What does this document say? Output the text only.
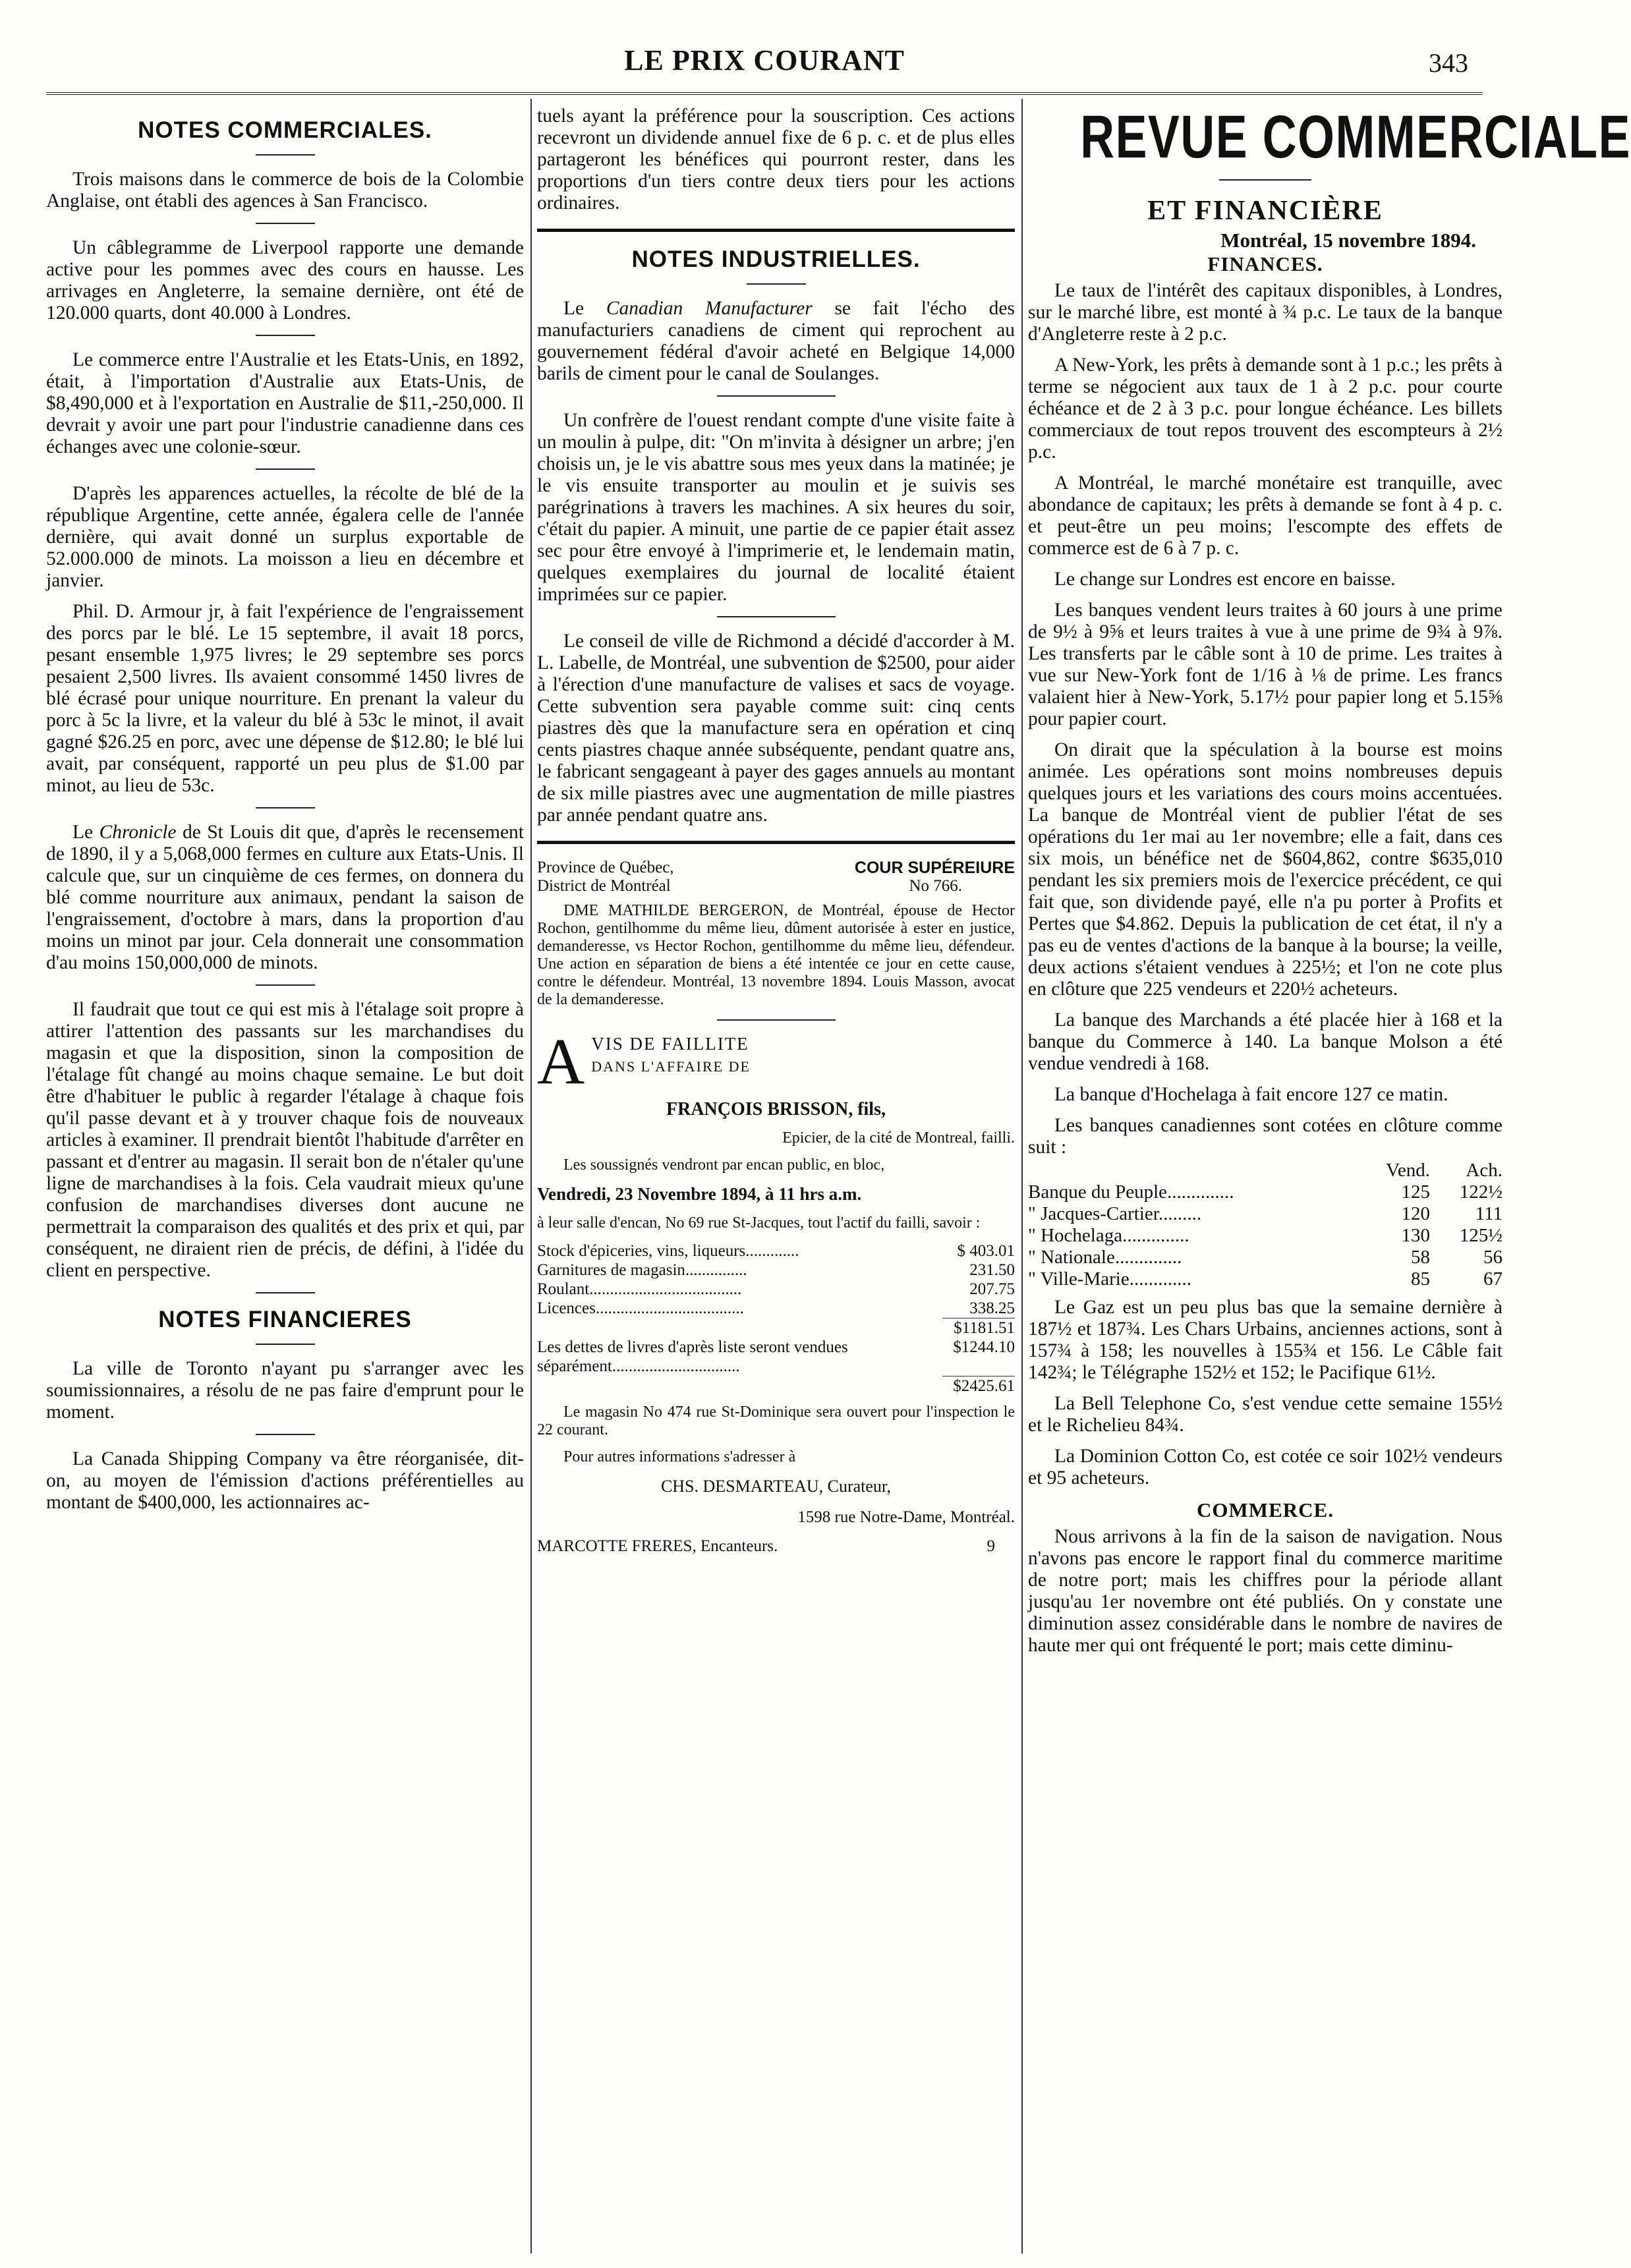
LE PRIX COURANT	343
NOTES COMMERCIALES.

Trois maisons dans le commerce de bois de la Colombie Anglaise, ont établi des agences à San Francisco.

Un câblegramme de Liverpool rapporte une demande active pour les pommes avec des cours en hausse. Les arrivages en Angleterre, la semaine dernière, ont été de 120.000 quarts, dont 40.000 à Londres.

Le commerce entre l'Australie et les Etats-Unis, en 1892, était, à l'importation d'Australie aux Etats-Unis, de $8,490,000 et à l'exportation en Australie de $11,-250,000. Il devrait y avoir une part pour l'industrie canadienne dans ces échanges avec une colonie-sœur.

D'après les apparences actuelles, la récolte de blé de la république Argentine, cette année, égalera celle de l'année dernière, qui avait donné un surplus exportable de 52.000.000 de minots. La moisson a lieu en décembre et janvier.

Phil. D. Armour jr, à fait l'expérience de l'engraissement des porcs par le blé. Le 15 septembre, il avait 18 porcs, pesant ensemble 1,975 livres; le 29 septembre ses porcs pesaient 2,500 livres. Ils avaient consommé 1450 livres de blé écrasé pour unique nourriture. En prenant la valeur du porc à 5c la livre, et la valeur du blé à 53c le minot, il avait gagné $26.25 en porc, avec une dépense de $12.80; le blé lui avait, par conséquent, rapporté un peu plus de $1.00 par minot, au lieu de 53c.

Le Chronicle de St Louis dit que, d'après le recensement de 1890, il y a 5,068,000 fermes en culture aux Etats-Unis. Il calcule que, sur un cinquième de ces fermes, on donnera du blé comme nourriture aux animaux, pendant la saison de l'engraissement, d'octobre à mars, dans la proportion d'au moins un minot par jour. Cela donnerait une consommation d'au moins 150,000,000 de minots.

Il faudrait que tout ce qui est mis à l'étalage soit propre à attirer l'attention des passants sur les marchandises du magasin et que la disposition, sinon la composition de l'étalage fût changé au moins chaque semaine. Le but doit être d'habituer le public à regarder l'étalage à chaque fois qu'il passe devant et à y trouver chaque fois de nouveaux articles à examiner. Il prendrait bientôt l'habitude d'arrêter en passant et d'entrer au magasin. Il serait bon de n'étaler qu'une ligne de marchandises à la fois. Cela vaudrait mieux qu'une confusion de marchandises diverses dont aucune ne permettrait la comparaison des qualités et des prix et qui, par conséquent, ne diraient rien de précis, de défini, à l'idée du client en perspective.

NOTES FINANCIERES

La ville de Toronto n'ayant pu s'arranger avec les soumissionnaires, a résolu de ne pas faire d'emprunt pour le moment.

La Canada Shipping Company va être réorganisée, dit-on, au moyen de l'émission d'actions préférentielles au montant de $400,000, les actionnaires ac-

tuels ayant la préférence pour la souscription. Ces actions recevront un dividende annuel fixe de 6 p. c. et de plus elles partageront les bénéfices qui pourront rester, dans les proportions d'un tiers contre deux tiers pour les actions ordinaires.

NOTES INDUSTRIELLES.

Le Canadian Manufacturer se fait l'écho des manufacturiers canadiens de ciment qui reprochent au gouvernement fédéral d'avoir acheté en Belgique 14,000 barils de ciment pour le canal de Soulanges.

Un confrère de l'ouest rendant compte d'une visite faite à un moulin à pulpe, dit: "On m'invita à désigner un arbre; j'en choisis un, je le vis abattre sous mes yeux dans la matinée; je le vis ensuite transporter au moulin et je suivis ses parégrinations à travers les machines. A six heures du soir, c'était du papier. A minuit, une partie de ce papier était assez sec pour être envoyé à l'imprimerie et, le lendemain matin, quelques exemplaires du journal de localité étaient imprimées sur ce papier.

Le conseil de ville de Richmond a décidé d'accorder à M. L. Labelle, de Montréal, une subvention de $2500, pour aider à l'érection d'une manufacture de valises et sacs de voyage. Cette subvention sera payable comme suit: cinq cents piastres dès que la manufacture sera en opération et cinq cents piastres chaque année subséquente, pendant quatre ans, le fabricant sengageant à payer des gages annuels au montant de six mille piastres avec une augmentation de mille piastres par année pendant quatre ans.

Province de Québec,	COUR SUPÉREIURE
District de Montréal	No 766.

DME MATHILDE BERGERON, de Montréal, épouse de Hector Rochon, gentilhomme du même lieu, dûment autorisée à ester en justice, demanderesse, vs Hector Rochon, gentilhomme du même lieu, défendeur. Une action en séparation de biens a été intentée ce jour en cette cause, contre le défendeur. Montréal, 13 novembre 1894. Louis Masson, avocat de la demanderesse.

A VIS DE FAILLITE
DANS L'AFFAIRE DE

FRANÇOIS BRISSON, fils,

Epicier, de la cité de Montreal, failli.

Les soussignés vendront par encan public, en bloc,

Vendredi, 23 Novembre 1894, à 11 hrs a.m.

à leur salle d'encan, No 69 rue St-Jacques, tout l'actif du failli, savoir :

Stock d'épiceries, vins, liqueurs.............	$ 403.01
Garnitures de magasin...............	231.50
Roulant.....................................	207.75
Licences....................................	338.25
	$1181.51
Les dettes de livres d'après liste seront vendues séparément...............................	$1244.10
	$2425.61

Le magasin No 474 rue St-Dominique sera ouvert pour l'inspection le 22 courant.

Pour autres informations s'adresser à

CHS. DESMARTEAU, Curateur,

1598 rue Notre-Dame, Montréal.

MARCOTTE FRERES, Encanteurs.	9
REVUE COMMERCIALE
ET FINANCIÈRE

Montréal, 15 novembre 1894.

FINANCES.

Le taux de l'intérêt des capitaux disponibles, à Londres, sur le marché libre, est monté à ¾ p.c. Le taux de la banque d'Angleterre reste à 2 p.c.

A New-York, les prêts à demande sont à 1 p.c.; les prêts à terme se négocient aux taux de 1 à 2 p.c. pour courte échéance et de 2 à 3 p.c. pour longue échéance. Les billets commerciaux de tout repos trouvent des escompteurs à 2½ p.c.

A Montréal, le marché monétaire est tranquille, avec abondance de capitaux; les prêts à demande se font à 4 p. c. et peut-être un peu moins; l'escompte des effets de commerce est de 6 à 7 p. c.

Le change sur Londres est encore en baisse.

Les banques vendent leurs traites à 60 jours à une prime de 9½ à 9⅝ et leurs traites à vue à une prime de 9¾ à 9⅞. Les transferts par le câble sont à 10 de prime. Les traites à vue sur New-York font de 1/16 à ⅛ de prime. Les francs valaient hier à New-York, 5.17½ pour papier long et 5.15⅝ pour papier court.

On dirait que la spéculation à la bourse est moins animée. Les opérations sont moins nombreuses depuis quelques jours et les variations des cours moins accentuées. La banque de Montréal vient de publier l'état de ses opérations du 1er mai au 1er novembre; elle a fait, dans ces six mois, un bénéfice net de $604,862, contre $635,010 pendant les six premiers mois de l'exercice précédent, ce qui fait que, son dividende payé, elle n'a pu porter à Profits et Pertes que $4.862. Depuis la publication de cet état, il n'y a pas eu de ventes d'actions de la banque à la bourse; la veille, deux actions s'étaient vendues à 225½; et l'on ne cote plus en clôture que 225 vendeurs et 220½ acheteurs.

La banque des Marchands a été placée hier à 168 et la banque du Commerce à 140. La banque Molson a été vendue vendredi à 168.

La banque d'Hochelaga à fait encore 127 ce matin.

Les banques canadiennes sont cotées en clôture comme suit :

	Vend.	Ach.
Banque du Peuple..............	125	122½
" Jacques-Cartier.........	120	111
" Hochelaga..............	130	125½
" Nationale..............	58	56
" Ville-Marie.............	85	67

Le Gaz est un peu plus bas que la semaine dernière à 187½ et 187¾. Les Chars Urbains, anciennes actions, sont à 157¾ à 158; les nouvelles à 155¾ et 156. Le Câble fait 142¾; le Télégraphe 152½ et 152; le Pacifique 61½.

La Bell Telephone Co, s'est vendue cette semaine 155½ et le Richelieu 84¾.

La Dominion Cotton Co, est cotée ce soir 102½ vendeurs et 95 acheteurs.

COMMERCE.

Nous arrivons à la fin de la saison de navigation. Nous n'avons pas encore le rapport final du commerce maritime de notre port; mais les chiffres pour la période allant jusqu'au 1er novembre ont été publiés. On y constate une diminution assez considérable dans le nombre de navires de haute mer qui ont fréquenté le port; mais cette diminu-
